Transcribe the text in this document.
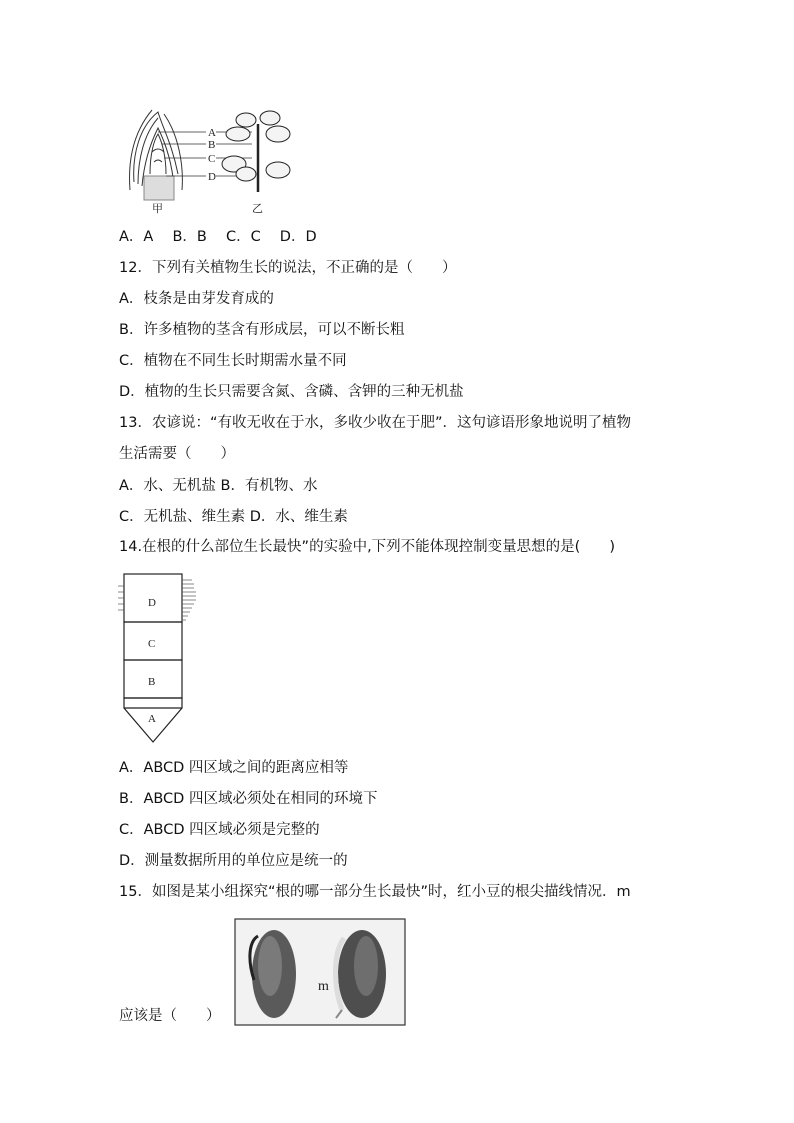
A
B
C
D
甲	乙
A．A　 B．B　 C．C　 D．D
12．下列有关植物生长的说法，不正确的是（　　）
A．枝条是由芽发育成的
B．许多植物的茎含有形成层，可以不断长粗
C．植物在不同生长时期需水量不同
D．植物的生长只需要含氮、含磷、含钾的三种无机盐
13．农谚说：“有收无收在于水，多收少收在于肥”．这句谚语形象地说明了植物
生活需要（　　）
A．水、无机盐 B．有机物、水
C．无机盐、维生素 D．水、维生素
14.在根的什么部位生长最快”的实验中,下列不能体现控制变量思想的是(　　)
D
C
B
A
A．ABCD 四区域之间的距离应相等
B．ABCD 四区域必须处在相同的环境下
C．ABCD 四区域必须是完整的
D．测量数据所用的单位应是统一的
15．如图是某小组探究“根的哪一部分生长最快”时，红小豆的根尖描线情况．m
m
应该是（　　）
